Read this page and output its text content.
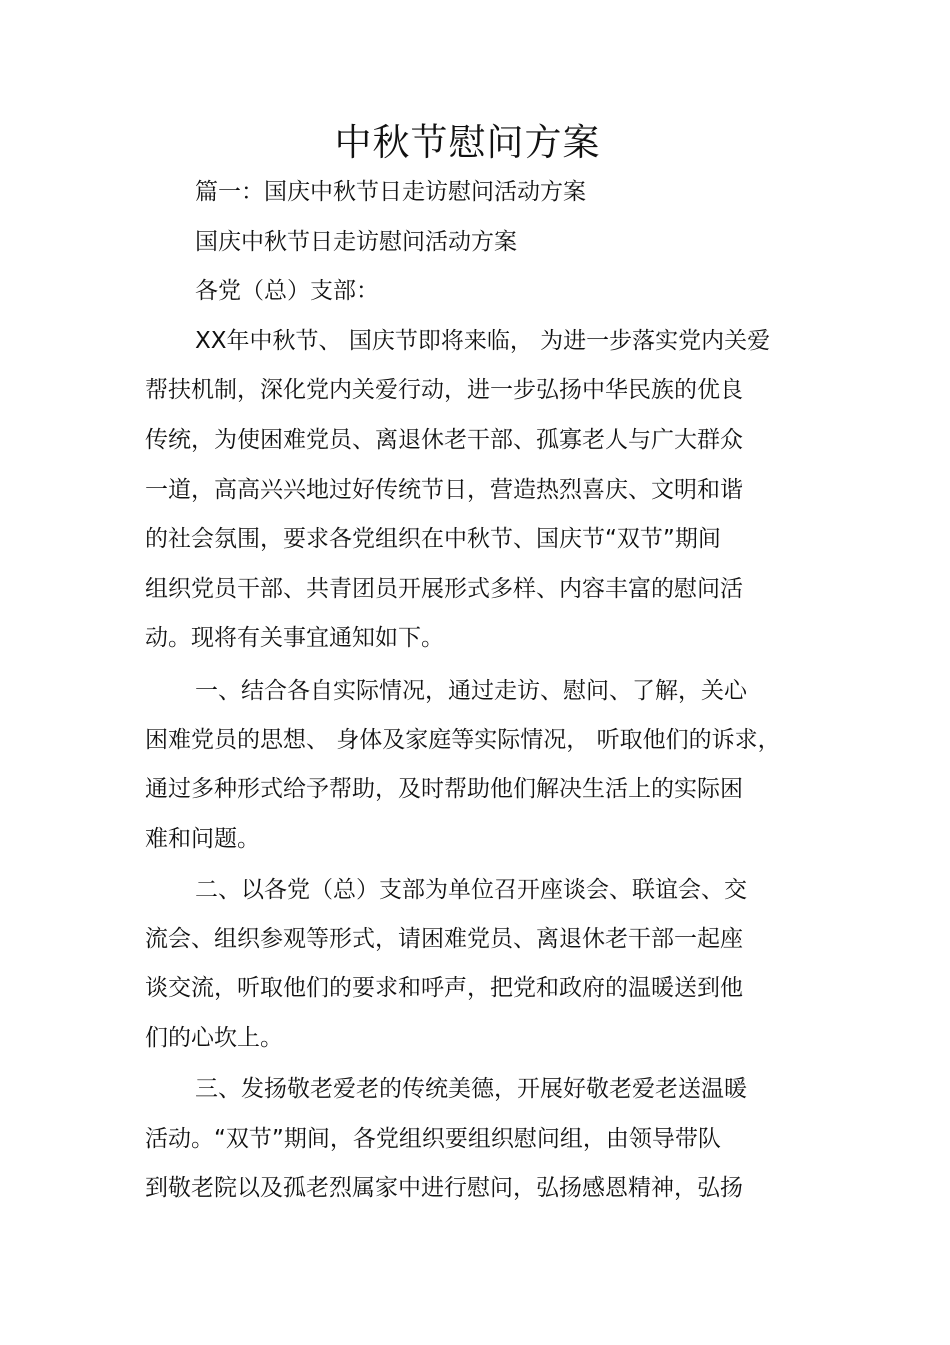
中秋节慰问方案

篇一：国庆中秋节日走访慰问活动方案

国庆中秋节日走访慰问活动方案

各党（总）支部：

XX年中秋节、 国庆节即将来临， 为进一步落实党内关爱

帮扶机制，深化党内关爱行动，进一步弘扬中华民族的优良

传统，为使困难党员、离退休老干部、孤寡老人与广大群众

一道，高高兴兴地过好传统节日，营造热烈喜庆、文明和谐

的社会氛围，要求各党组织在中秋节、国庆节“双节”期间

组织党员干部、共青团员开展形式多样、内容丰富的慰问活

动。现将有关事宜通知如下。

一、结合各自实际情况，通过走访、慰问、了解，关心

困难党员的思想、 身体及家庭等实际情况， 听取他们的诉求，

通过多种形式给予帮助，及时帮助他们解决生活上的实际困

难和问题。

二、以各党（总）支部为单位召开座谈会、联谊会、交

流会、组织参观等形式，请困难党员、离退休老干部一起座

谈交流，听取他们的要求和呼声，把党和政府的温暖送到他

们的心坎上。

三、发扬敬老爱老的传统美德，开展好敬老爱老送温暖

活动。“双节”期间，各党组织要组织慰问组，由领导带队

到敬老院以及孤老烈属家中进行慰问，弘扬感恩精神，弘扬
